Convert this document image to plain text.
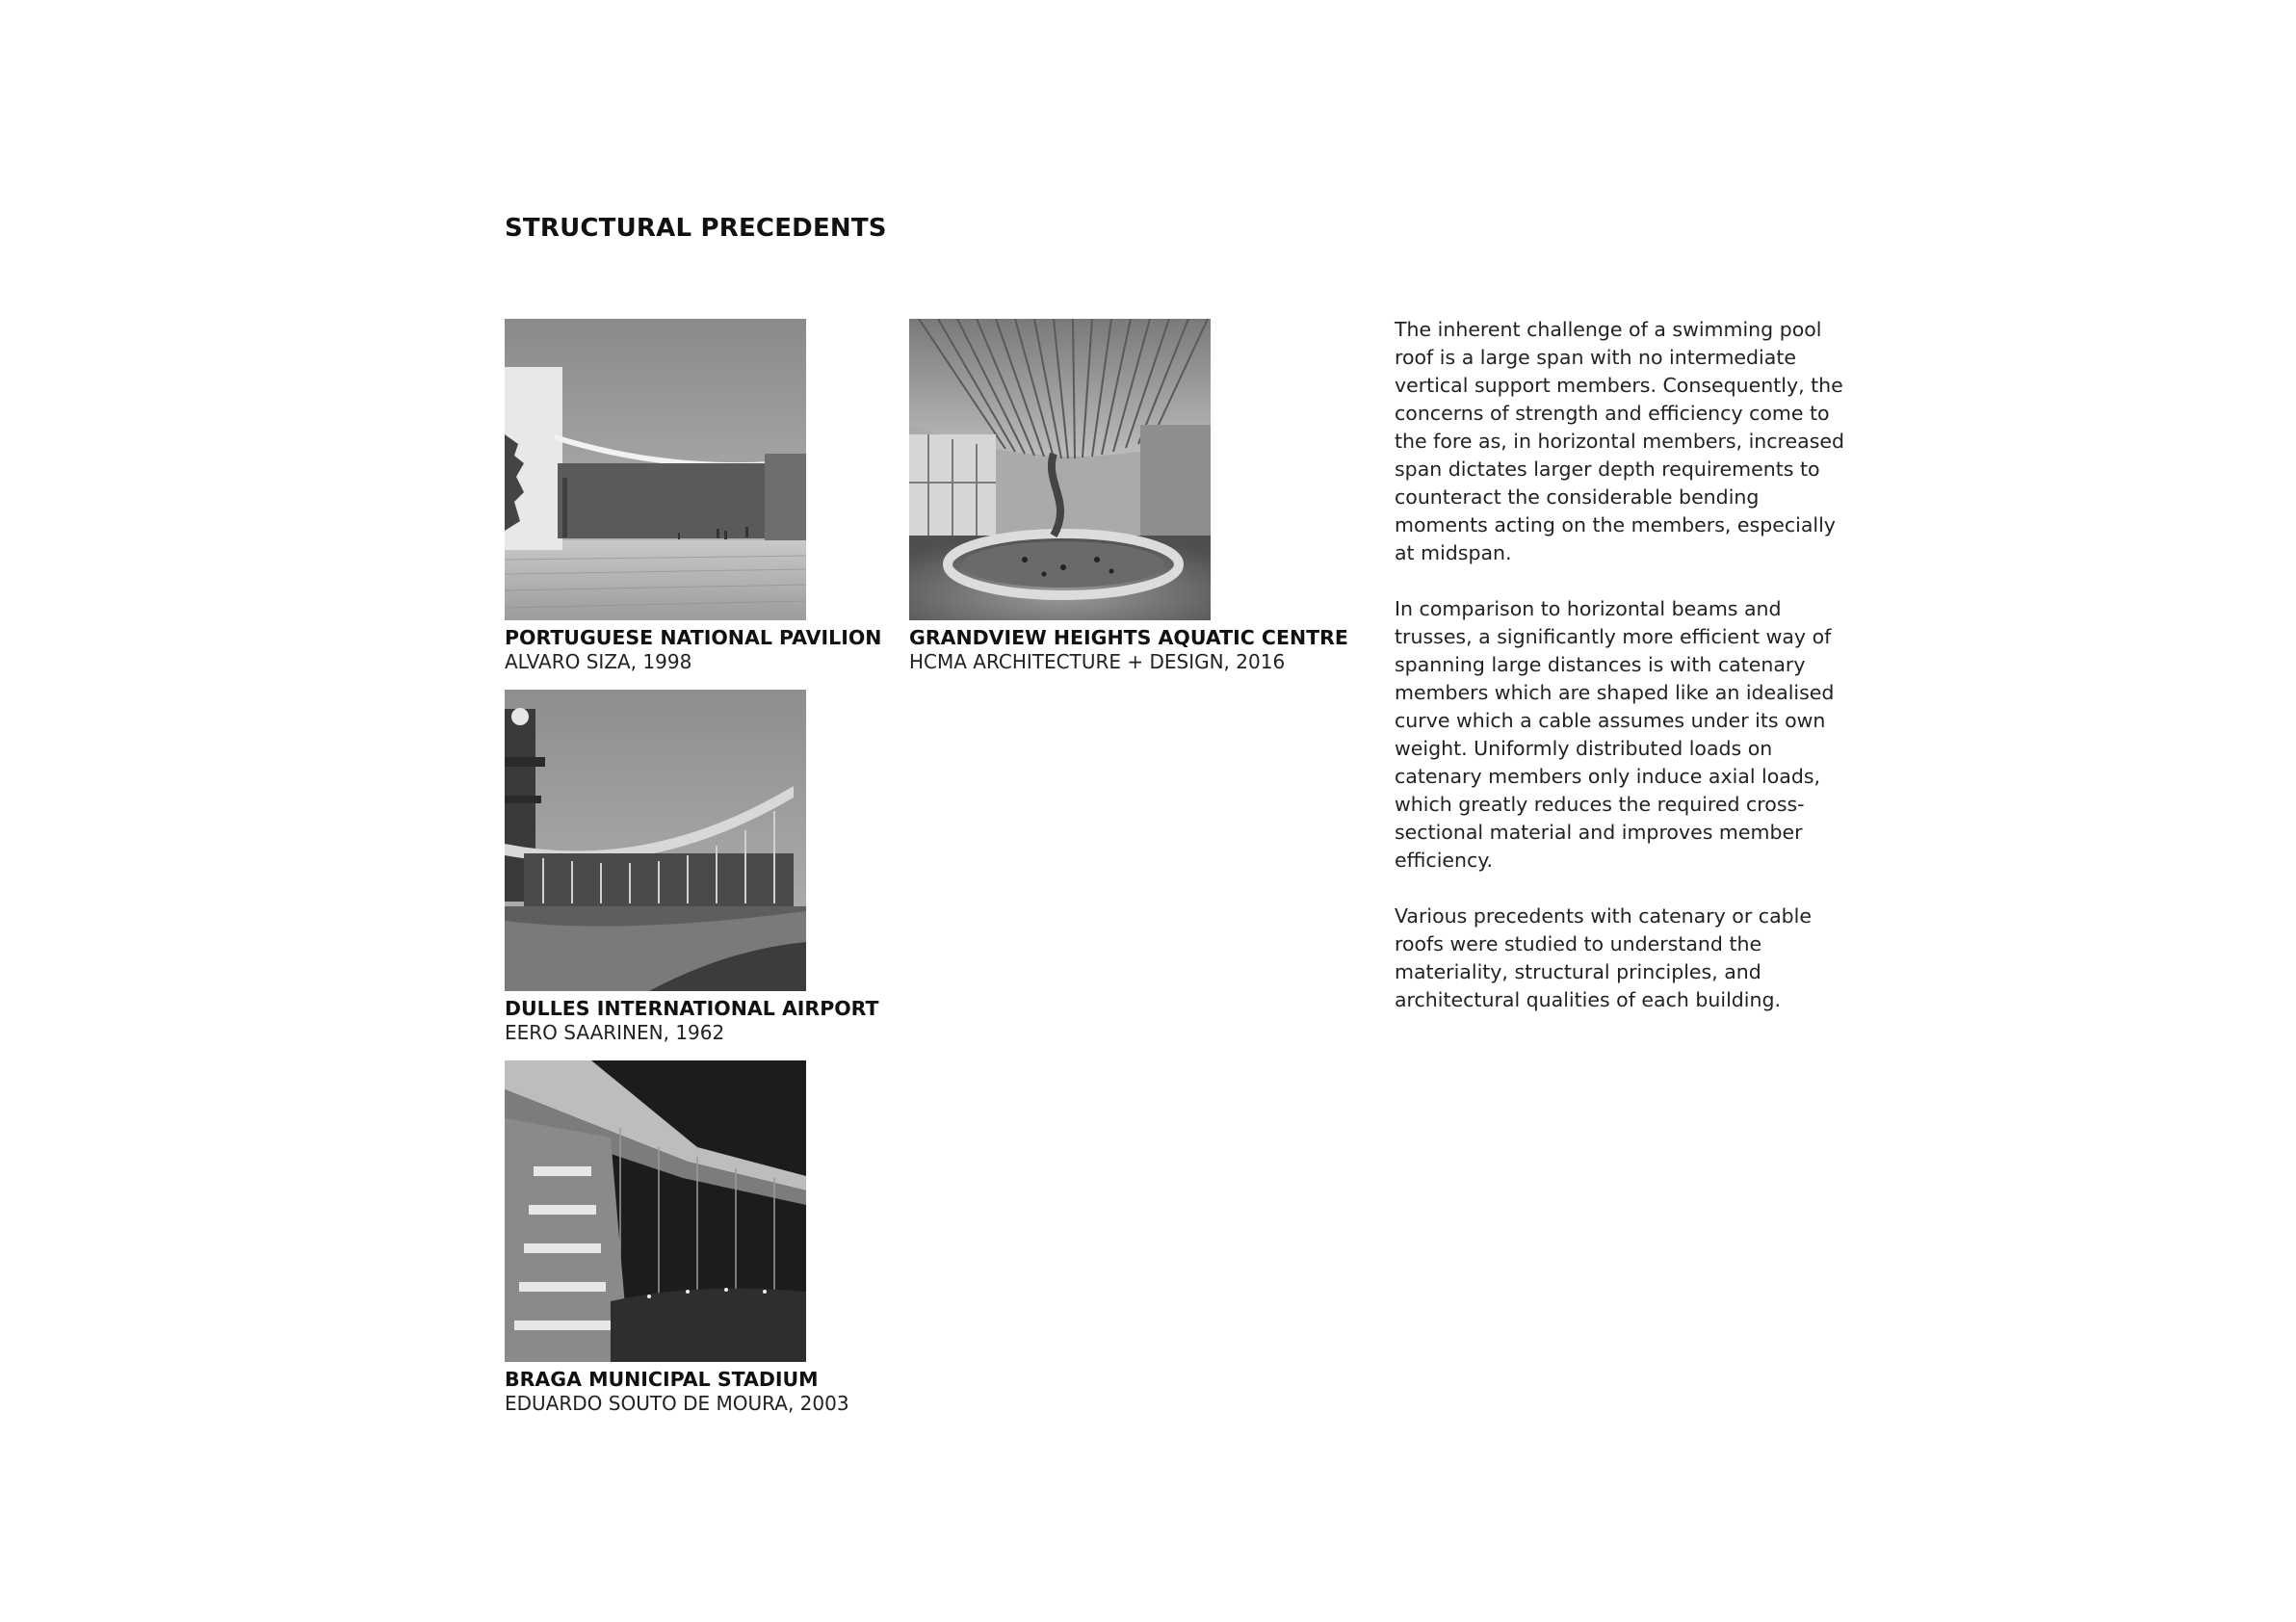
STRUCTURAL PRECEDENTS
PORTUGUESE NATIONAL PAVILION
ALVARO SIZA, 1998
GRANDVIEW HEIGHTS AQUATIC CENTRE
HCMA ARCHITECTURE + DESIGN, 2016
DULLES INTERNATIONAL AIRPORT
EERO SAARINEN, 1962
BRAGA MUNICIPAL STADIUM
EDUARDO SOUTO DE MOURA, 2003

The inherent challenge of a swimming pool roof is a large span with no intermediate vertical support members. Consequently, the concerns of strength and efficiency come to the fore as, in horizontal members, increased span dictates larger depth requirements to counteract the considerable bending moments acting on the members, especially at midspan.

In comparison to horizontal beams and trusses, a significantly more efficient way of spanning large distances is with catenary members which are shaped like an idealised curve which a cable assumes under its own weight. Uniformly distributed loads on catenary members only induce axial loads, which greatly reduces the required cross-sectional material and improves member efficiency.

Various precedents with catenary or cable roofs were studied to understand the materiality, structural principles, and architectural qualities of each building.
